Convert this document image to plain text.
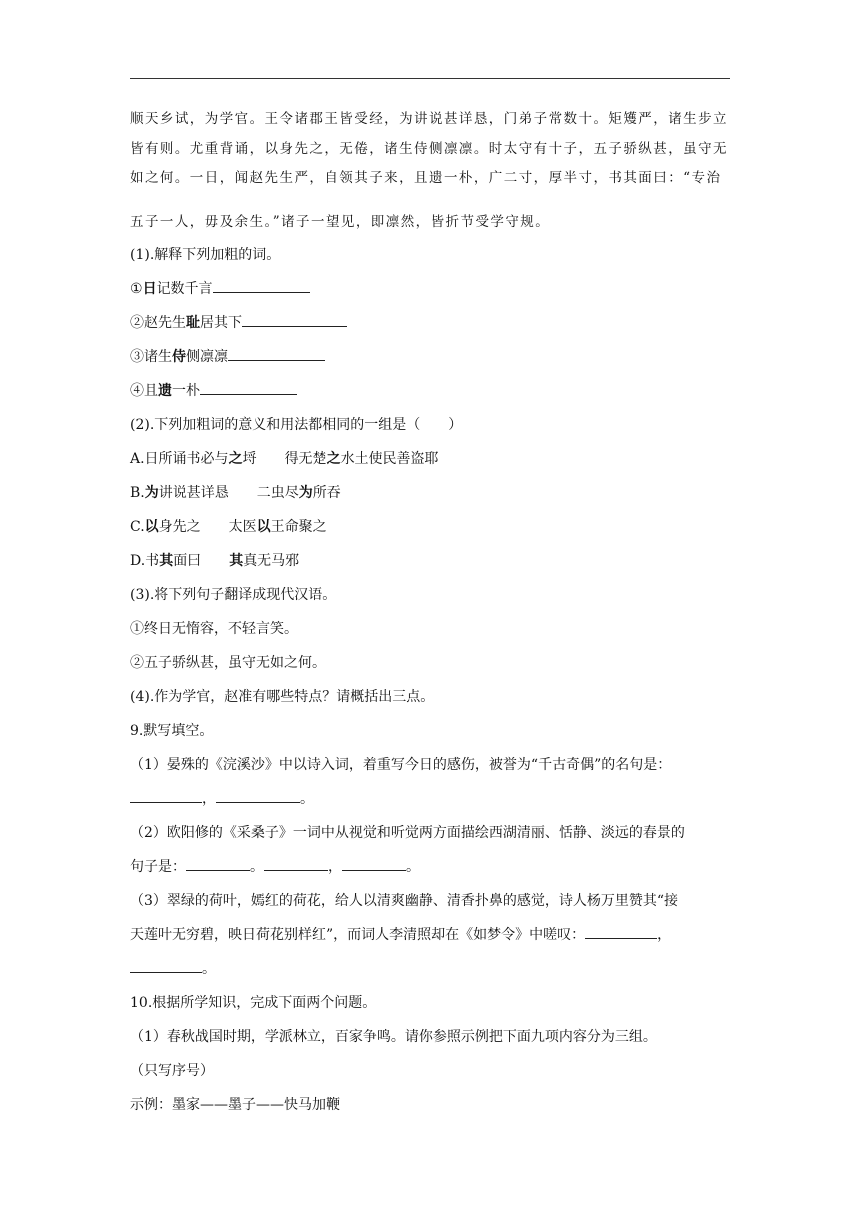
顺天乡试，为学官。王令诸郡王皆受经，为讲说甚详恳，门弟子常数十。矩矱严，诸生步立
皆有则。尤重背诵，以身先之，无倦，诸生侍侧凛凛。时太守有十子，五子骄纵甚，虽守无
如之何。一日，闻赵先生严，自领其子来，且遗一朴，广二寸，厚半寸，书其面曰：“专治
五子一人，毋及余生。”诸子一望见，即凛然，皆折节受学守规。
(1).解释下列加粗的词。
①日记数千言
②赵先生耻居其下
③诸生侍侧凛凛
④且遗一朴
(2).下列加粗词的意义和用法都相同的一组是（　　）
A.日所诵书必与之埒 得无楚之水土使民善盗耶
B.为讲说甚详恳 二虫尽为所吞
C.以身先之 太医以王命聚之
D.书其面曰 其真无马邪
(3).将下列句子翻译成现代汉语。
①终日无惰容，不轻言笑。
②五子骄纵甚，虽守无如之何。
(4).作为学官，赵准有哪些特点？请概括出三点。
9.默写填空。
（1）晏殊的《浣溪沙》中以诗入词，着重写今日的感伤，被誉为“千古奇偶”的名句是：
，	。
（2）欧阳修的《采桑子》一词中从视觉和听觉两方面描绘西湖清丽、恬静、淡远的春景的
句子是：	。	，	。
（3）翠绿的荷叶，嫣红的荷花，给人以清爽幽静、清香扑鼻的感觉，诗人杨万里赞其“接
天莲叶无穷碧，映日荷花别样红”，而词人李清照却在《如梦令》中嗟叹：	，
。
10.根据所学知识，完成下面两个问题。
（1）春秋战国时期，学派林立，百家争鸣。请你参照示例把下面九项内容分为三组。
（只写序号）
示例：墨家——墨子——快马加鞭
